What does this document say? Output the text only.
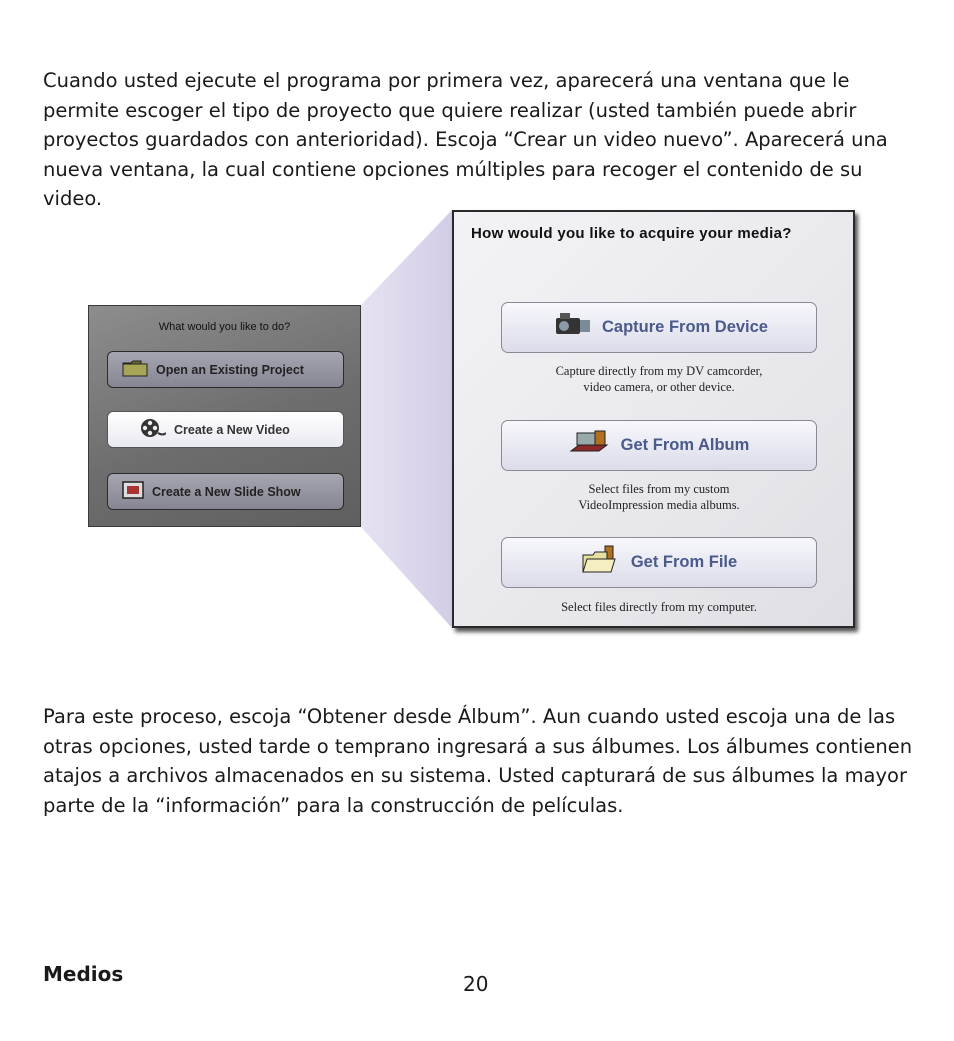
Cuando usted ejecute el programa por primera vez, aparecerá una ventana que le permite escoger el tipo de proyecto que quiere realizar (usted también puede abrir proyectos guardados con anterioridad). Escoja “Crear un video nuevo”. Aparecerá una nueva ventana, la cual contiene opciones múltiples para recoger el contenido de su video.

What would you like to do?
Open an Existing Project
Create a New Video
Create a New Slide Show
How would you like to acquire your media?
Capture From Device
Capture directly from my DV camcorder,
video camera, or other device.
Get From Album
Select files from my custom
VideoImpression media albums.
Get From File
Select files directly from my computer.

Para este proceso, escoja “Obtener desde Álbum”. Aun cuando usted escoja una de las otras opciones, usted tarde o temprano ingresará a sus álbumes. Los álbumes contienen atajos a archivos almacenados en su sistema. Usted capturará de sus álbumes la mayor parte de la “información” para la construcción de películas.

Medios	20
